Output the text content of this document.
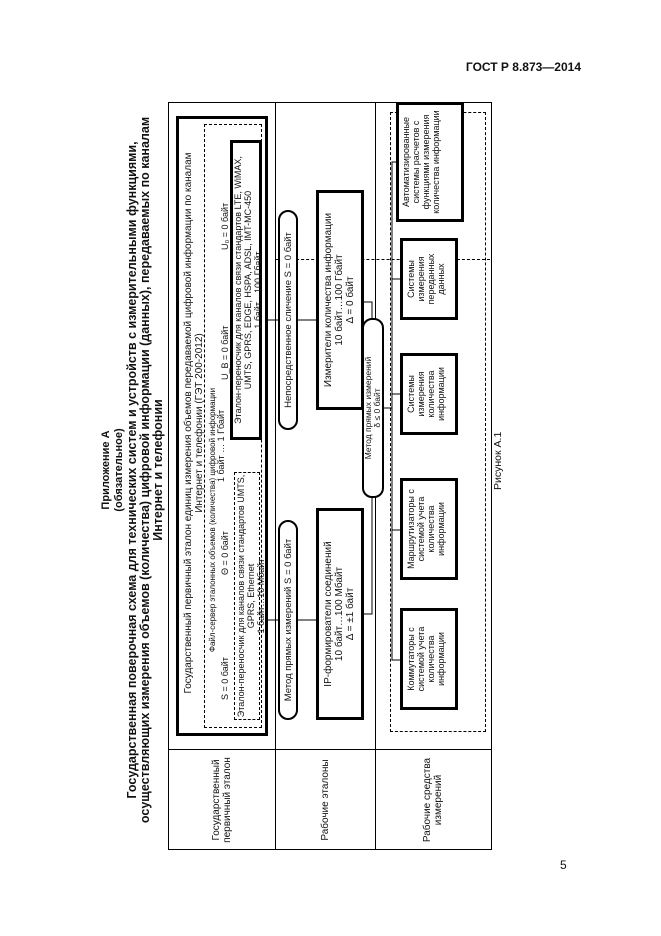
ГОСТ Р 8.873—2014
5
Приложение А (обязательное) Государственная поверочная схема для технических систем и устройств с измерительными функциями, осуществляющих измерения объемов (количества) цифровой информации (данных), передаваемых по каналам Интернет и телефонии
Государственный первичный эталон	Рабочие эталоны	Рабочие средства измерений
Государственный первичный эталон единиц измерения объемов передаваемой цифровой информации по каналам Интернет и телефонии (ГЭТ 200-2012) Файл-сервер эталонных объемов (количества) цифровой информации
S = 0 байт
Θ = 0 байт
1 байт … 1 Гбайт
U_B = 0 байт
U₀ = 0 байт
Эталон-переносчик для каналов связи стандартов UMTS, GPRS, Ethernet 1 байт…10 Мбайт
Эталон-переносчик для каналов связи стандартов LTE, WiMAX, UMTS, GPRS, EDGE, HSPA, ADSL, IMT-MC-450 1 байт…100 Гбайт
Метод прямых измерений S = 0 байт
Непосредственное сличение S = 0 байт
IP-формирователи соединений 10 байт…100 Мбайт Δ = ±1 байт
Измерители количества информации 10 байт…100 Гбайт Δ = 0 байт
Метод прямых измерений δ ≤ 0 байт
Коммутаторы с системой учета количества информации
Маршрутизаторы с системой учета количества информации
Системы измерения количества информации
Системы измерения переданных данных
Автоматизированные системы расчетов с функциями измерения количества информации
Рисунок А.1
